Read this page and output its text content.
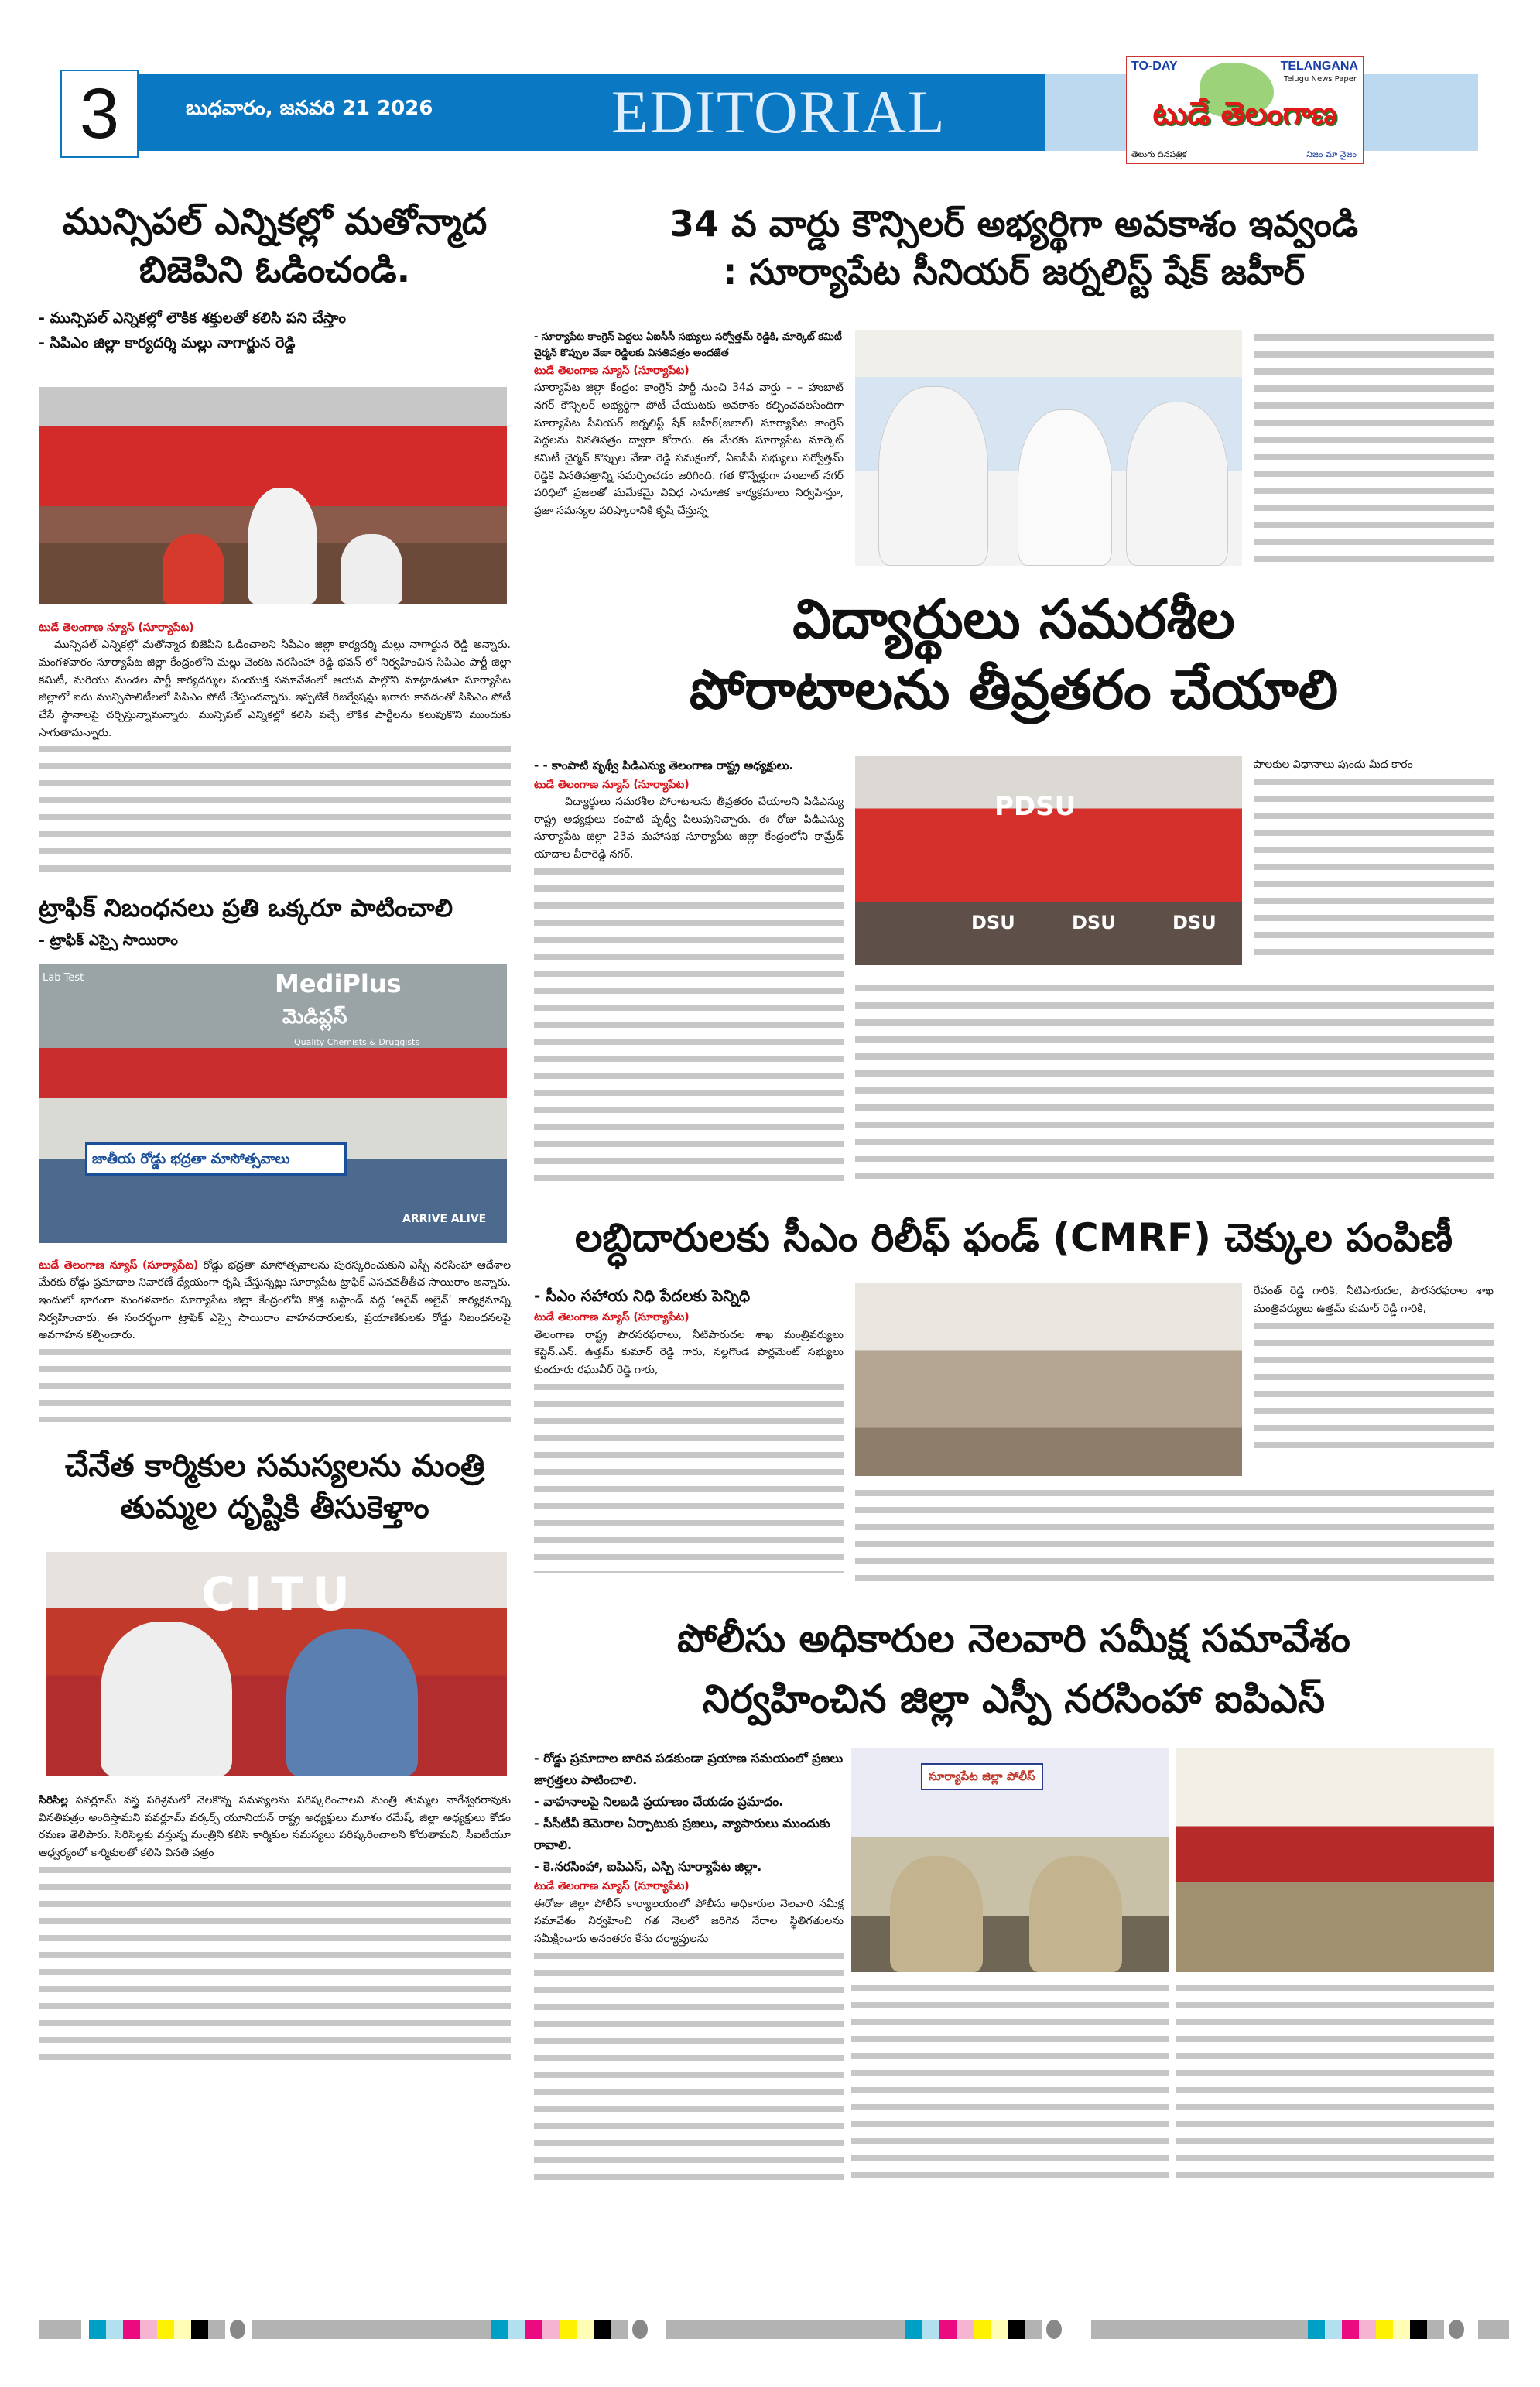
3	బుధవారం, జనవరి 21 2026	EDITORIAL
TO-DAY	TELANGANA
Telugu News Paper
టుడే తెలంగాణ
తెలుగు దినపత్రిక	నిజం మా నైజం
మున్సిపల్ ఎన్నికల్లో మతోన్మాద బిజెపిని ఓడించండి.
- మున్సిపల్ ఎన్నికల్లో లౌకిక శక్తులతో కలిసి పని చేస్తాం
- సిపిఎం జిల్లా కార్యదర్శి మల్లు నాగార్జున రెడ్డి
టుడే తెలంగాణ న్యూస్ (సూర్యాపేట)
మున్సిపల్ ఎన్నికల్లో మతోన్మాద బిజెపిని ఓడించాలని సిపిఎం జిల్లా కార్యదర్శి మల్లు నాగార్జున రెడ్డి అన్నారు. మంగళవారం సూర్యాపేట జిల్లా కేంద్రంలోని మల్లు వెంకట నరసింహా రెడ్డి భవన్ లో నిర్వహించిన సిపిఎం పార్టీ జిల్లా కమిటీ, మరియు మండల పార్టీ కార్యదర్శుల సంయుక్త సమావేశంలో ఆయన పాల్గొని మాట్లాడుతూ సూర్యాపేట జిల్లాలో ఐదు మున్సిపాలిటీలలో సిపిఎం పోటీ చేస్తుందన్నారు. ఇప్పటికే రిజర్వేషన్లు ఖరారు కావడంతో సిపిఎం పోటీ చేసే స్థానాలపై చర్చిస్తున్నామన్నారు. మున్సిపల్ ఎన్నికల్లో కలిసి వచ్చే లౌకిక పార్టీలను కలుపుకొని ముందుకు సాగుతామన్నారు.
ట్రాఫిక్ నిబంధనలు ప్రతి ఒక్కరూ పాటించాలి
- ట్రాఫిక్ ఎస్సై సాయిరాం
Lab Test	MediPlus
మెడిప్లస్
Quality Chemists & Druggists
జాతీయ రోడ్డు భద్రతా మాసోత్సవాలు
ARRIVE ALIVE
టుడే తెలంగాణ న్యూస్ (సూర్యాపేట) రోడ్డు భద్రతా మాసోత్సవాలను పురస్కరించుకుని ఎస్పీ నరసింహా ఆదేశాల మేరకు రోడ్డు ప్రమాదాల నివారణే ధ్యేయంగా కృషి చేస్తున్నట్లు సూర్యాపేట ట్రాఫిక్ ఎసచవతీతీచ సాయిరాం అన్నారు. ఇందులో భాగంగా మంగళవారం సూర్యాపేట జిల్లా కేంద్రంలోని కొత్త బస్టాండ్ వద్ద ‘అరైవ్ అలైవ్’ కార్యక్రమాన్ని నిర్వహించారు. ఈ సందర్భంగా ట్రాఫిక్ ఎస్సై సాయిరాం వాహనదారులకు, ప్రయాణికులకు రోడ్డు నిబంధనలపై అవగాహన కల్పించారు.
చేనేత కార్మికుల సమస్యలను మంత్రి తుమ్మల దృష్టికి తీసుకెళ్తాం
CITU
సిరిసిల్ల పవర్లూమ్ వస్త్ర పరిశ్రమలో నెలకొన్న సమస్యలను పరిష్కరించాలని మంత్రి తుమ్మల నాగేశ్వరరావుకు వినతిపత్రం అందిస్తామని పవర్లూమ్ వర్కర్స్ యూనియన్ రాష్ట్ర అధ్యక్షులు మూశం రమేష్, జిల్లా అధ్యక్షులు కోడం రమణ తెలిపారు. సిరిసిల్లకు వస్తున్న మంత్రిని కలిసి కార్మికుల సమస్యలు పరిష్కరించాలని కోరుతామని, సీఐటీయూ ఆధ్వర్యంలో కార్మికులతో కలిసి వినతి పత్రం
34 వ వార్డు కౌన్సిలర్ అభ్యర్థిగా అవకాశం ఇవ్వండి
: సూర్యాపేట సీనియర్ జర్నలిస్ట్ షేక్ జహీర్
- సూర్యాపేట కాంగ్రెస్ పెద్దలు ఏఐసీసీ సభ్యులు సర్వోత్తమ్ రెడ్డికి, మార్కెట్ కమిటీ చైర్మన్ కొప్పుల వేణా రెడ్డిలకు వినతిపత్రం అందజేత
టుడే తెలంగాణ న్యూస్ (సూర్యాపేట)
సూర్యాపేట జిల్లా కేంద్రం: కాంగ్రెస్ పార్టీ నుంచి 34వ వార్డు – – హుబాట్ నగర్ కౌన్సిలర్ అభ్యర్థిగా పోటీ చేయుటకు అవకాశం కల్పించవలసిందిగా సూర్యాపేట సీనియర్ జర్నలిస్ట్ షేక్ జహీర్(జలాల్) సూర్యాపేట కాంగ్రెస్ పెద్దలను వినతిపత్రం ద్వారా కోరారు. ఈ మేరకు సూర్యాపేట మార్కెట్ కమిటీ చైర్మన్ కొప్పుల వేణా రెడ్డి సమక్షంలో, ఏఐసీసీ సభ్యులు సర్వోత్తమ్ రెడ్డికి వినతిపత్రాన్ని సమర్పించడం జరిగింది. గత కొన్నేళ్లుగా హుబాట్ నగర్ పరిధిలో ప్రజలతో మమేకమై వివిధ సామాజిక కార్యక్రమాలు నిర్వహిస్తూ, ప్రజా సమస్యల పరిష్కారానికి కృషి చేస్తున్న
విద్యార్థులు సమరశీల
పోరాటాలను తీవ్రతరం చేయాలి
- - కాంపాటి పృథ్వీ పిడిఎస్యు తెలంగాణ రాష్ట్ర అధ్యక్షులు.
టుడే తెలంగాణ న్యూస్ (సూర్యాపేట)
విద్యార్థులు సమరశీల పోరాటాలను తీవ్రతరం చేయాలని పిడిఎస్యు రాష్ట్ర అధ్యక్షులు కంపాటి పృథ్వీ పిలుపునిచ్చారు. ఈ రోజు పిడిఎస్యు సూర్యాపేట జిల్లా 23వ మహాసభ సూర్యాపేట జిల్లా కేంద్రంలోని కామ్రేడ్ యాదాల వీరారెడ్డి నగర్,
PDSU
DSU	DSU	DSU
పాలకుల విధానాలు పుందు మీద కారం
లబ్ధిదారులకు సీఎం రిలీఫ్ ఫండ్ (CMRF) చెక్కుల పంపిణీ
- సీఎం సహాయ నిధి పేదలకు పెన్నిధి
టుడే తెలంగాణ న్యూస్ (సూర్యాపేట)
తెలంగాణ రాష్ట్ర పౌరసరఫరాలు, నీటిపారుదల శాఖ మంత్రివర్యులు కెప్టెన్.ఎన్. ఉత్తమ్ కుమార్ రెడ్డి గారు, నల్లగొండ పార్లమెంట్ సభ్యులు కుందూరు రఘువీర్ రెడ్డి గారు,
రేవంత్ రెడ్డి గారికి, నీటిపారుదల, పౌరసరఫరాల శాఖ మంత్రివర్యులు ఉత్తమ్ కుమార్ రెడ్డి గారికి,
పోలీసు అధికారుల నెలవారి సమీక్ష సమావేశం
నిర్వహించిన జిల్లా ఎస్పీ నరసింహా ఐపిఎస్
- రోడ్డు ప్రమాదాల బారిన పడకుండా ప్రయాణ సమయంలో ప్రజలు జాగ్రత్తలు పాటించాలి.
- వాహనాలపై నిలబడి ప్రయాణం చేయడం ప్రమాదం.
- సీసీటీవీ కెమెరాల ఏర్పాటుకు ప్రజలు, వ్యాపారులు ముందుకు రావాలి.
- కె.నరసింహా, ఐపిఎస్, ఎస్పి సూర్యాపేట జిల్లా.
టుడే తెలంగాణ న్యూస్ (సూర్యాపేట)
ఈరోజు జిల్లా పోలీస్ కార్యాలయంలో పోలీసు అధికారుల నెలవారి సమీక్ష సమావేశం నిర్వహించి గత నెలలో జరిగిన నేరాల స్థితిగతులను సమీక్షించారు అనంతరం కేసు దర్యాప్తులను
సూర్యాపేట జిల్లా పోలీస్
